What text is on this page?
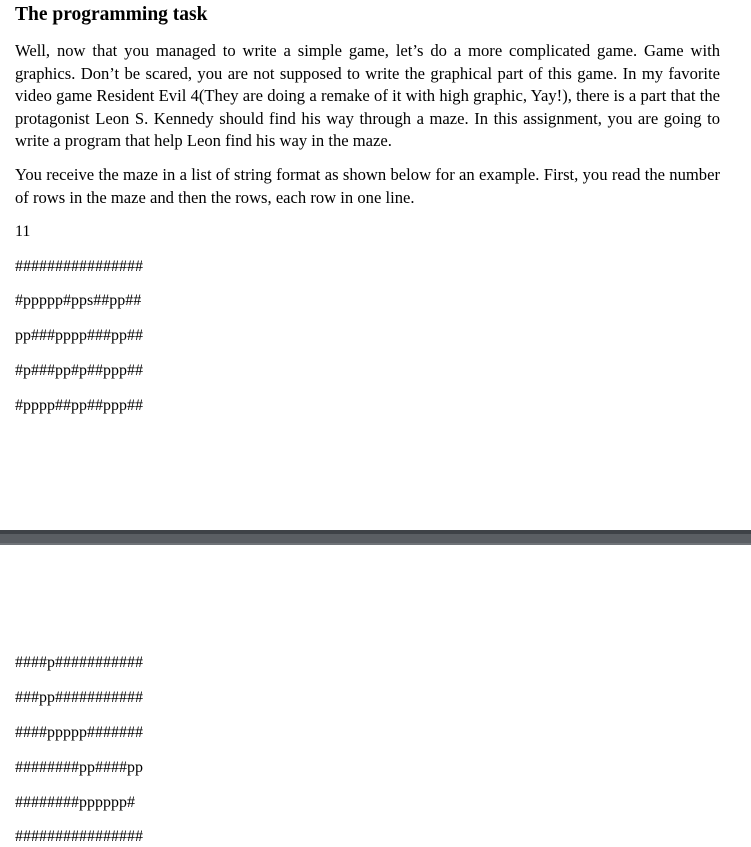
The programming task

Well, now that you managed to write a simple game, let’s do a more complicated game. Game with graphics. Don’t be scared, you are not supposed to write the graphical part of this game. In my favorite video game Resident Evil 4(They are doing a remake of it with high graphic, Yay!), there is a part that the protagonist Leon S. Kennedy should find his way through a maze. In this assignment, you are going to write a program that help Leon find his way in the maze.

You receive the maze in a list of string format as shown below for an example. First, you read the number of rows in the maze and then the rows, each row in one line.

11
################
#ppppp#pps##pp##
pp###pppp###pp##
#p###pp#p##ppp##
#pppp##pp##ppp##
####p###########
###pp###########
####ppppp#######
########pp####pp
########pppppp#
################
